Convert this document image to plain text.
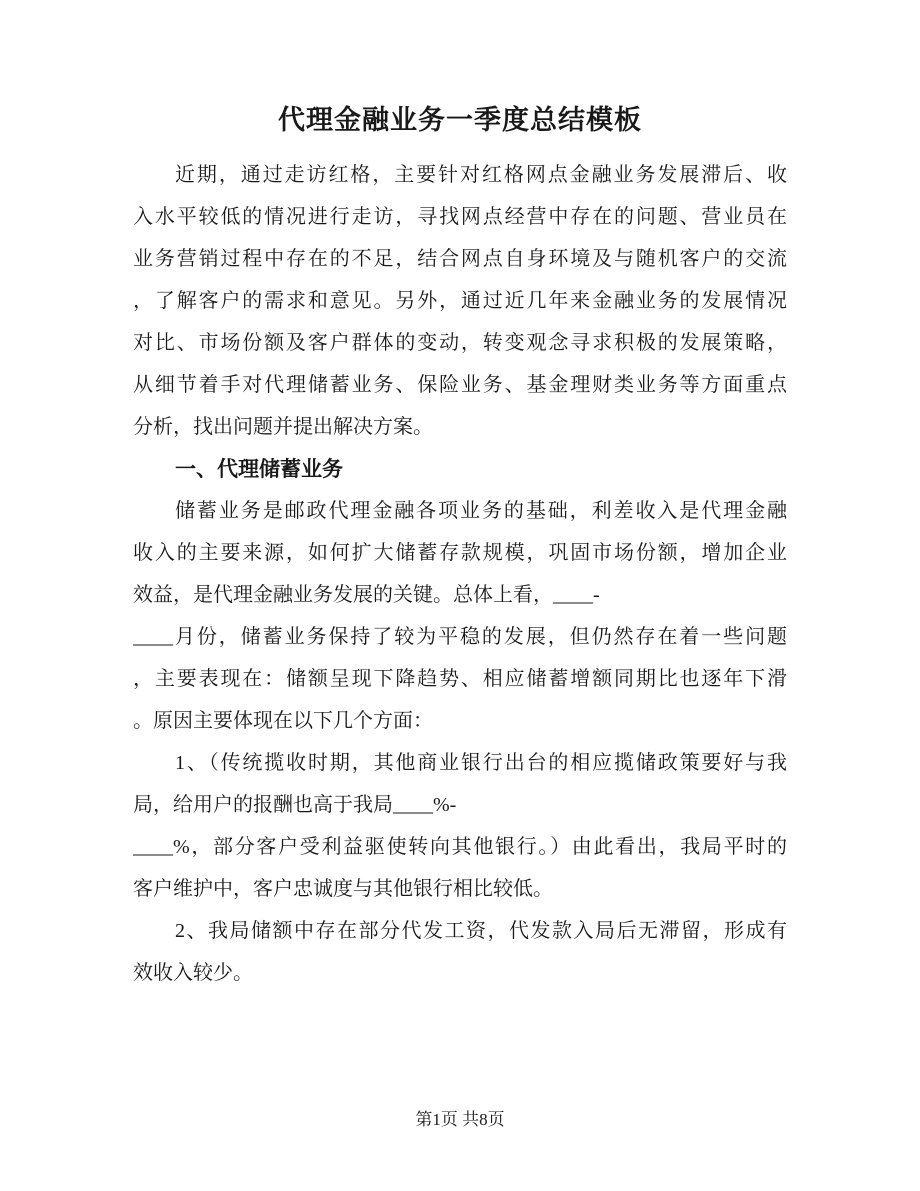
代理金融业务一季度总结模板
近期，通过走访红格，主要针对红格网点金融业务发展滞后、收
入水平较低的情况进行走访，寻找网点经营中存在的问题、营业员在
业务营销过程中存在的不足，结合网点自身环境及与随机客户的交流
，了解客户的需求和意见。另外，通过近几年来金融业务的发展情况
对比、市场份额及客户群体的变动，转变观念寻求积极的发展策略，
从细节着手对代理储蓄业务、保险业务、基金理财类业务等方面重点
分析，找出问题并提出解决方案。
一、代理储蓄业务
储蓄业务是邮政代理金融各项业务的基础，利差收入是代理金融
收入的主要来源，如何扩大储蓄存款规模，巩固市场份额，增加企业
效益，是代理金融业务发展的关键。总体上看，____-
____月份，储蓄业务保持了较为平稳的发展，但仍然存在着一些问题
，主要表现在：储额呈现下降趋势、相应储蓄增额同期比也逐年下滑
。原因主要体现在以下几个方面：
1、（传统揽收时期，其他商业银行出台的相应揽储政策要好与我
局，给用户的报酬也高于我局____%-
____%，部分客户受利益驱使转向其他银行。）由此看出，我局平时的
客户维护中，客户忠诚度与其他银行相比较低。
2、我局储额中存在部分代发工资，代发款入局后无滞留，形成有
效收入较少。
第1页 共8页
